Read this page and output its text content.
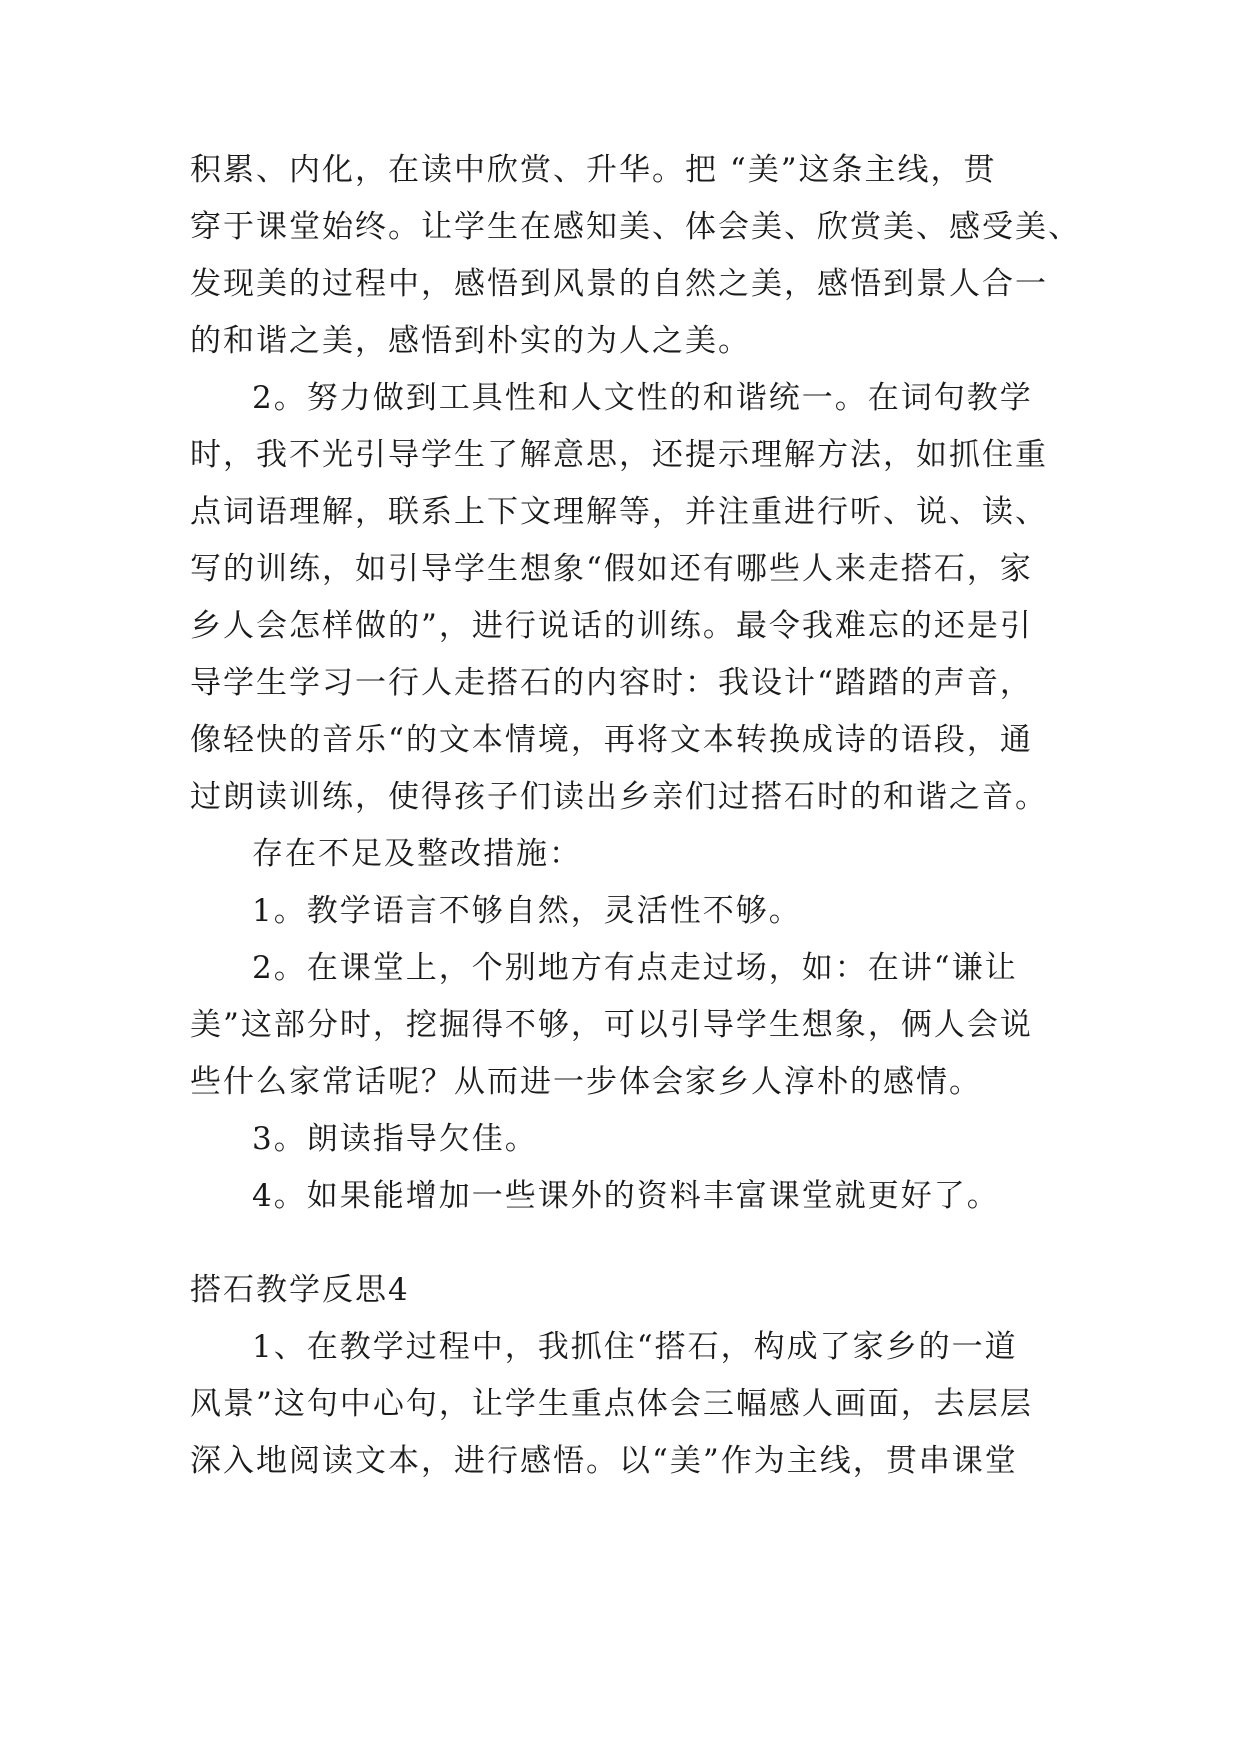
积累、内化，在读中欣赏、升华。把 “美”这条主线，贯
穿于课堂始终。让学生在感知美、体会美、欣赏美、感受美、
发现美的过程中，感悟到风景的自然之美，感悟到景人合一
的和谐之美，感悟到朴实的为人之美。
2。努力做到工具性和人文性的和谐统一。在词句教学
时，我不光引导学生了解意思，还提示理解方法，如抓住重
点词语理解，联系上下文理解等，并注重进行听、说、读、
写的训练，如引导学生想象“假如还有哪些人来走搭石，家
乡人会怎样做的”，进行说话的训练。最令我难忘的还是引
导学生学习一行人走搭石的内容时：我设计“踏踏的声音，
像轻快的音乐“的文本情境，再将文本转换成诗的语段，通
过朗读训练，使得孩子们读出乡亲们过搭石时的和谐之音。
存在不足及整改措施：
1。教学语言不够自然，灵活性不够。
2。在课堂上，个别地方有点走过场，如：在讲“谦让
美”这部分时，挖掘得不够，可以引导学生想象，俩人会说
些什么家常话呢？从而进一步体会家乡人淳朴的感情。
3。朗读指导欠佳。
4。如果能增加一些课外的资料丰富课堂就更好了。
搭石教学反思4
1、在教学过程中，我抓住“搭石，构成了家乡的一道
风景”这句中心句，让学生重点体会三幅感人画面，去层层
深入地阅读文本，进行感悟。以“美”作为主线，贯串课堂
